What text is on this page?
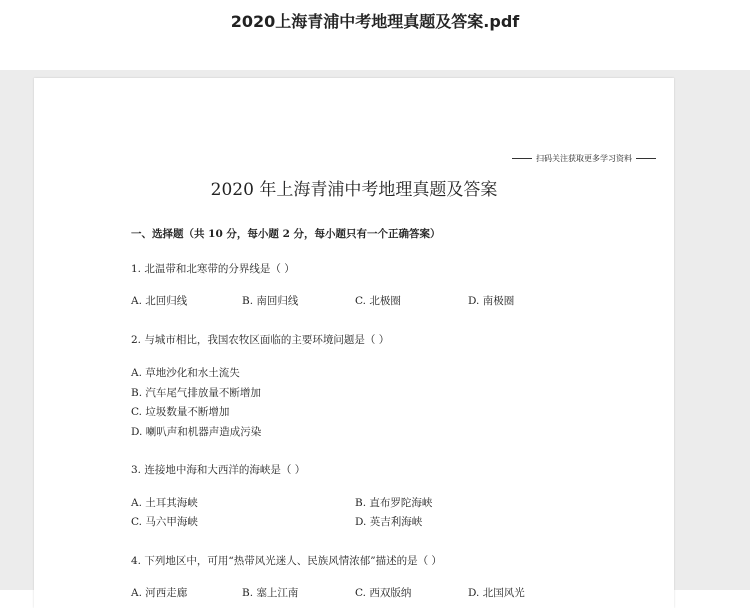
2020上海青浦中考地理真题及答案.pdf
扫码关注获取更多学习资料
2020 年上海青浦中考地理真题及答案
一、选择题（共 10 分，每小题 2 分，每小题只有一个正确答案）
1. 北温带和北寒带的分界线是（ ）
A. 北回归线	B. 南回归线	C. 北极圈	D. 南极圈
2. 与城市相比，我国农牧区面临的主要环境问题是（ ）
A. 草地沙化和水土流失
B. 汽车尾气排放量不断增加
C. 垃圾数量不断增加
D. 喇叭声和机器声造成污染
3. 连接地中海和大西洋的海峡是（ ）
A. 土耳其海峡	B. 直布罗陀海峡
C. 马六甲海峡	D. 英吉利海峡
4. 下列地区中，可用“热带风光迷人、民族风情浓郁”描述的是（ ）
A. 河西走廊	B. 塞上江南	C. 西双版纳	D. 北国风光
